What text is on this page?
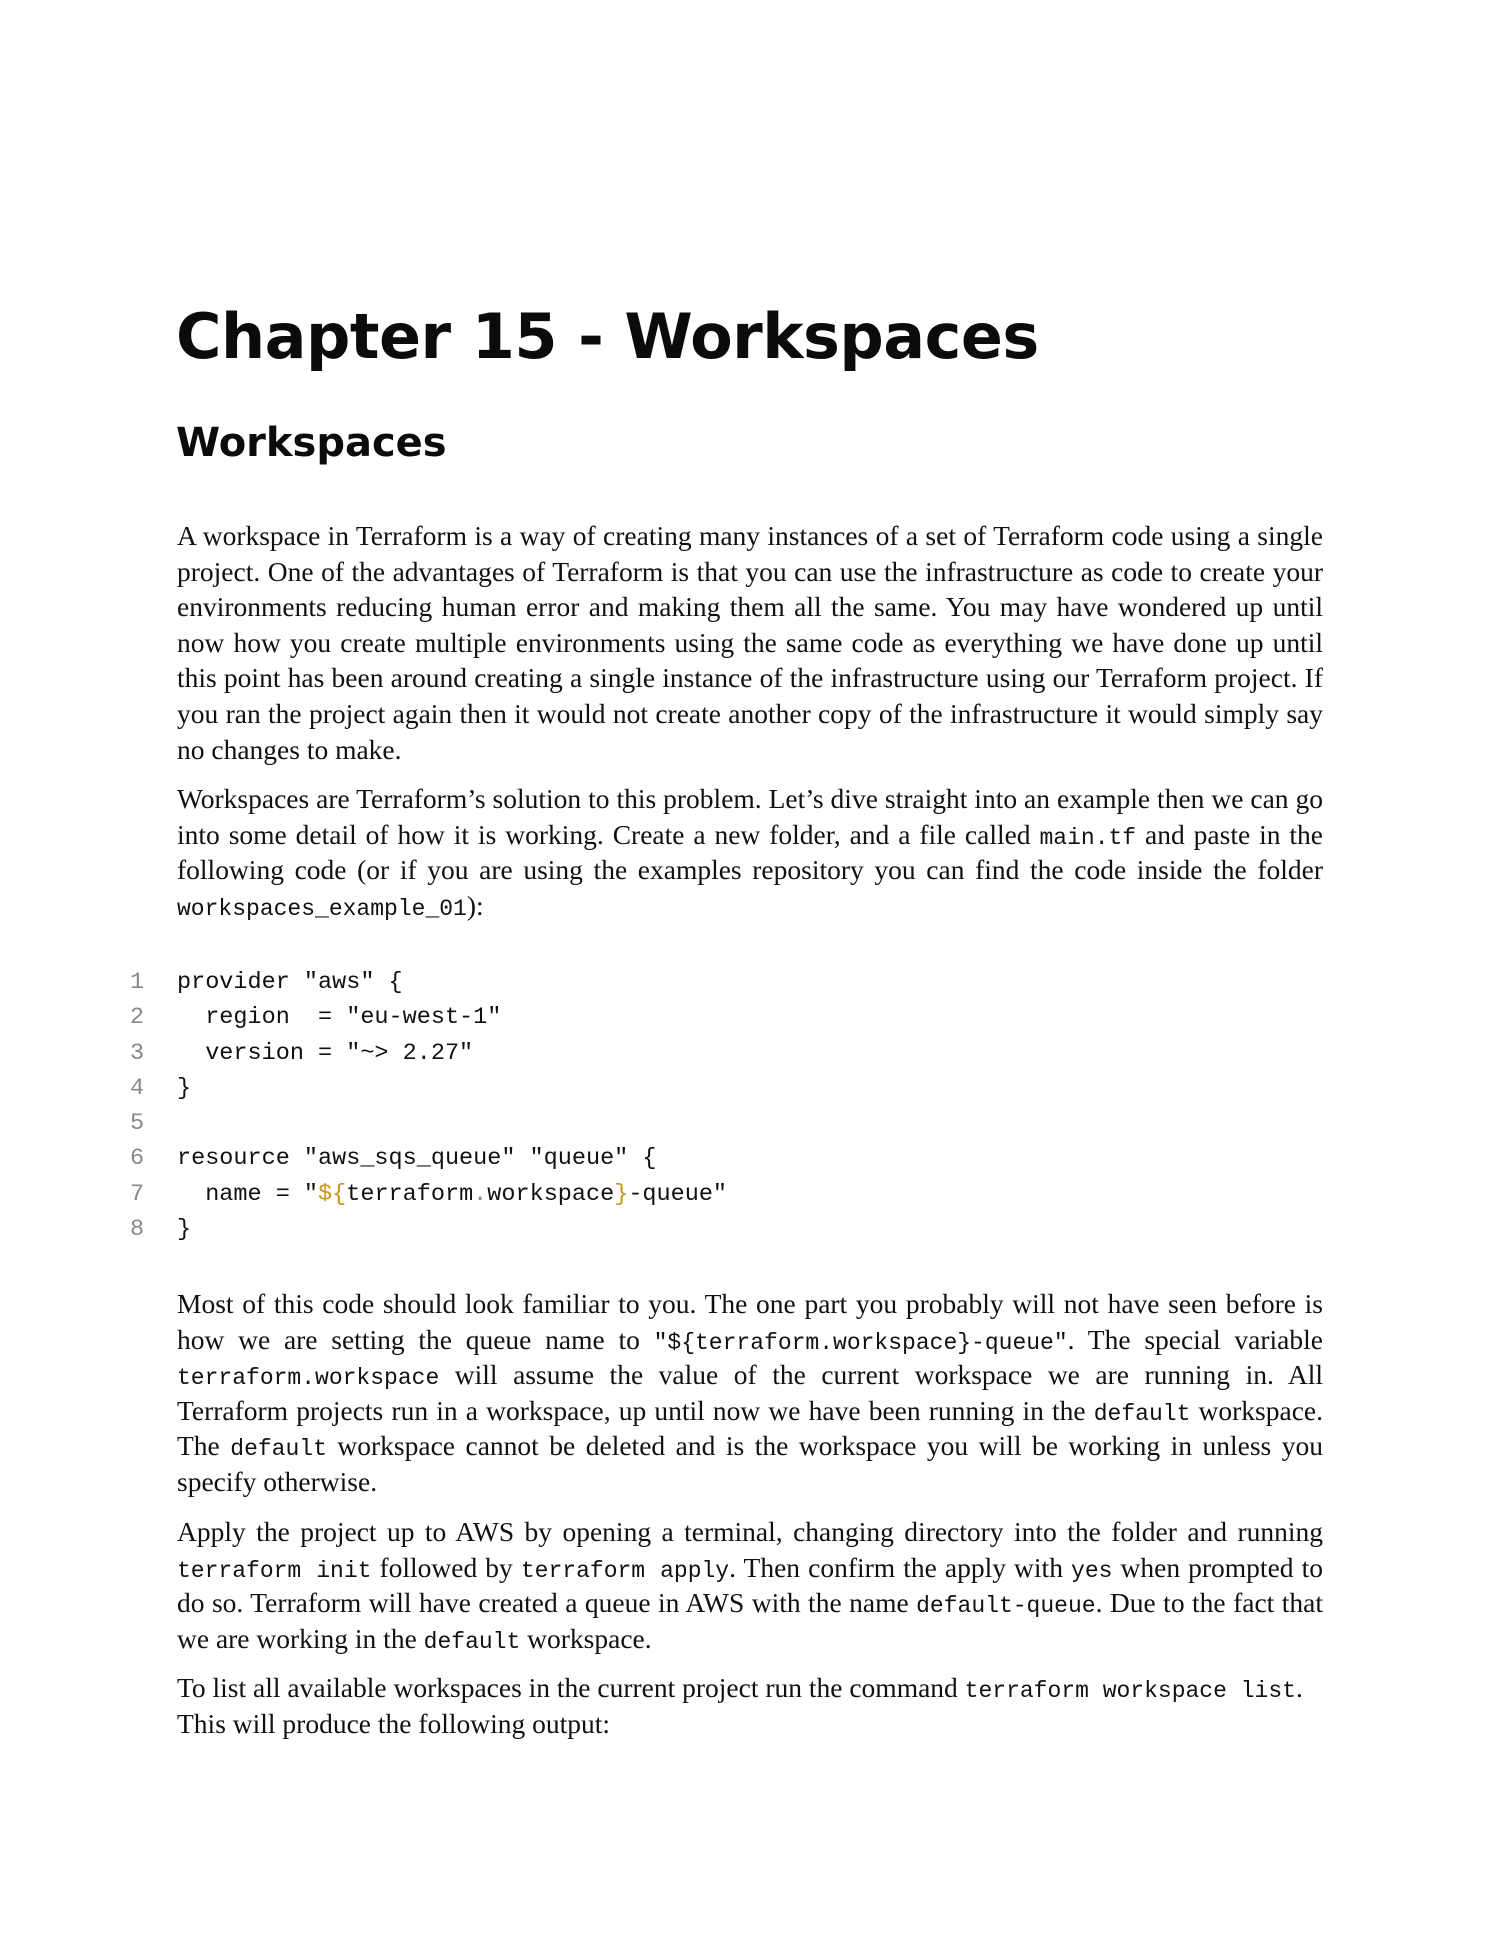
Chapter 15 - Workspaces
Workspaces

A workspace in Terraform is a way of creating many instances of a set of Terraform code using a single project. One of the advantages of Terraform is that you can use the infrastructure as code to create your environments reducing human error and making them all the same. You may have wondered up until now how you create multiple environments using the same code as everything we have done up until this point has been around creating a single instance of the infrastructure using our Terraform project. If you ran the project again then it would not create another copy of the infrastructure it would simply say no changes to make.

Workspaces are Terraform’s solution to this problem. Let’s dive straight into an example then we can go into some detail of how it is working. Create a new folder, and a file called main.tf and paste in the following code (or if you are using the examples repository you can find the code inside the folder workspaces_example_01):

1	provider "aws" {
2	region  = "eu-west-1"
3	version = "~> 2.27"
4	}
5
6	resource "aws_sqs_queue" "queue" {
7	name = "${terraform.workspace}-queue"
8	}

Most of this code should look familiar to you. The one part you probably will not have seen before is how we are setting the queue name to "${terraform.workspace}-queue". The special variable terraform.workspace will assume the value of the current workspace we are running in. All Terraform projects run in a workspace, up until now we have been running in the default workspace. The default workspace cannot be deleted and is the workspace you will be working in unless you specify otherwise.

Apply the project up to AWS by opening a terminal, changing directory into the folder and running terraform init followed by terraform apply. Then confirm the apply with yes when prompted to do so. Terraform will have created a queue in AWS with the name default-queue. Due to the fact that we are working in the default workspace.

To list all available workspaces in the current project run the command terraform workspace list. This will produce the following output:
